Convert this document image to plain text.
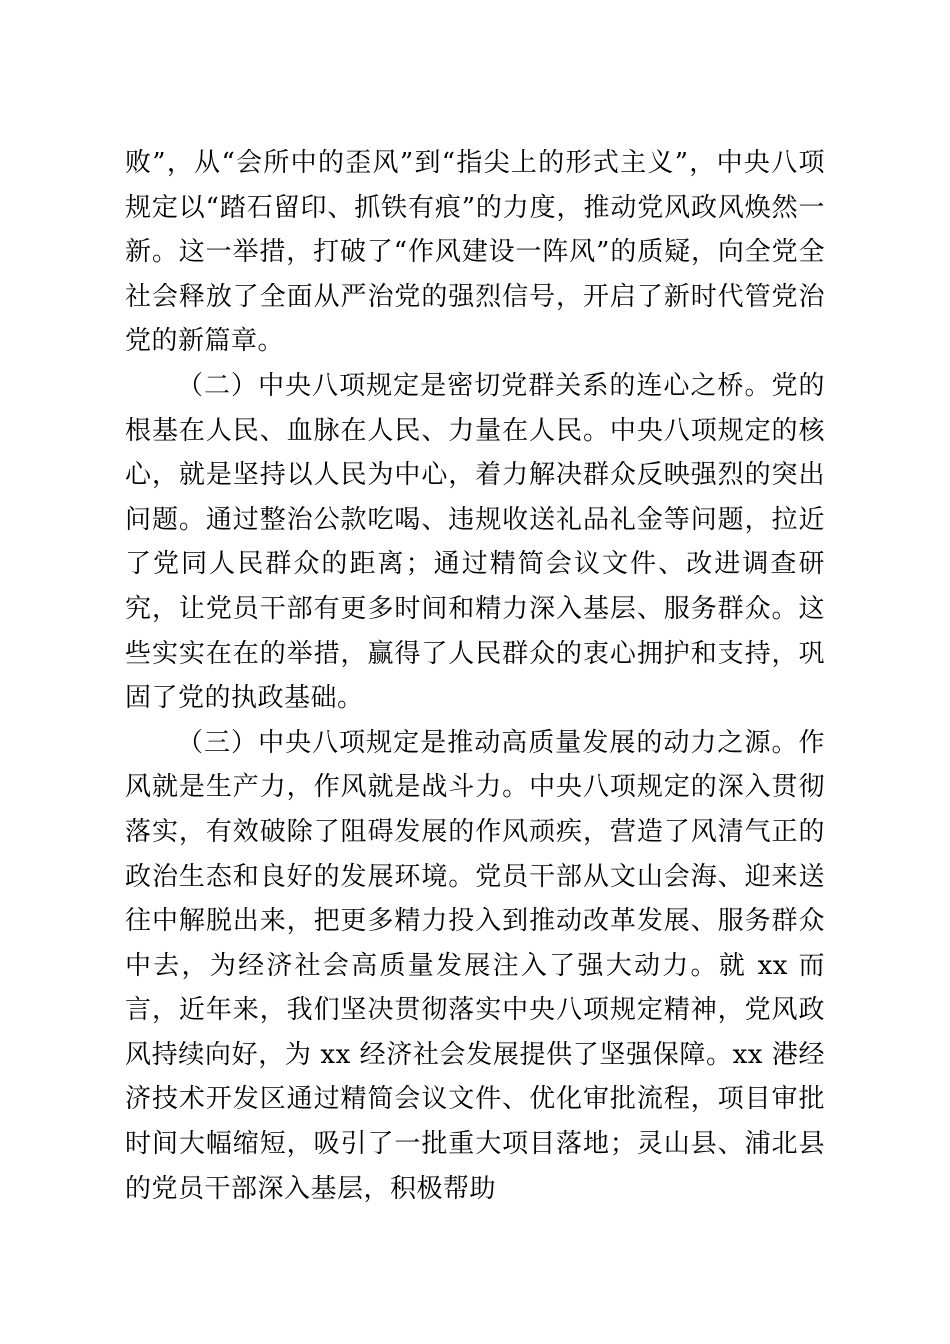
败”，从“会所中的歪风”到“指尖上的形式主义”，中央八项规定以“踏石留印、抓铁有痕”的力度，推动党风政风焕然一新。这一举措，打破了“作风建设一阵风”的质疑，向全党全社会释放了全面从严治党的强烈信号，开启了新时代管党治党的新篇章。

（二）中央八项规定是密切党群关系的连心之桥。党的根基在人民、血脉在人民、力量在人民。中央八项规定的核心，就是坚持以人民为中心，着力解决群众反映强烈的突出问题。通过整治公款吃喝、违规收送礼品礼金等问题，拉近了党同人民群众的距离；通过精简会议文件、改进调查研究，让党员干部有更多时间和精力深入基层、服务群众。这些实实在在的举措，赢得了人民群众的衷心拥护和支持，巩固了党的执政基础。

（三）中央八项规定是推动高质量发展的动力之源。作风就是生产力，作风就是战斗力。中央八项规定的深入贯彻落实，有效破除了阻碍发展的作风顽疾，营造了风清气正的政治生态和良好的发展环境。党员干部从文山会海、迎来送往中解脱出来，把更多精力投入到推动改革发展、服务群众中去，为经济社会高质量发展注入了强大动力。就 xx 而言，近年来，我们坚决贯彻落实中央八项规定精神，党风政风持续向好，为 xx 经济社会发展提供了坚强保障。xx 港经济技术开发区通过精简会议文件、优化审批流程，项目审批时间大幅缩短，吸引了一批重大项目落地；灵山县、浦北县的党员干部深入基层，积极帮助
